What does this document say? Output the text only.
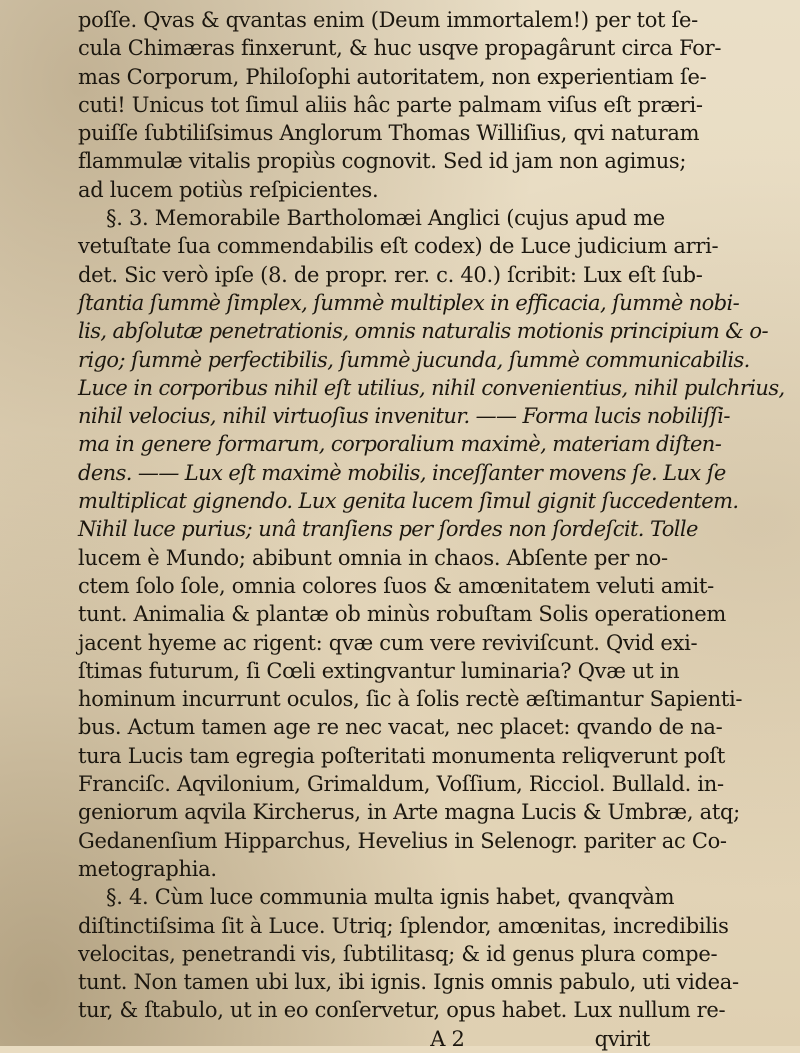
poſſe. Qvas & qvantas enim (Deum immortalem!) per tot ſe-
cula Chimæras finxerunt, & huc usqve propagârunt circa For-
mas Corporum, Philoſophi autoritatem, non experientiam ſe-
cuti! Unicus tot ſimul aliis hâc parte palmam viſus eſt præri-
puiſſe ſubtiliſsimus Anglorum Thomas Williſius, qvi naturam
flammulæ vitalis propiùs cognovit. Sed id jam non agimus;
ad lucem potiùs reſpicientes.
§. 3. Memorabile Bartholomæi Anglici (cujus apud me
vetuſtate ſua commendabilis eſt codex) de Luce judicium arri-
det. Sic verò ipſe (8. de propr. rer. c. 40.) ſcribit: Lux eſt ſub-
ſtantia ſummè ſimplex, ſummè multiplex in efficacia, ſummè nobi-
lis, abſolutæ penetrationis, omnis naturalis motionis principium & o-
rigo; ſummè perfectibilis, ſummè jucunda, ſummè communicabilis.
Luce in corporibus nihil eſt utilius, nihil convenientius, nihil pulchrius,
nihil velocius, nihil virtuoſius invenitur. —— Forma lucis nobiliſſi-
ma in genere formarum, corporalium maximè, materiam diſten-
dens. —— Lux eſt maximè mobilis, inceſſanter movens ſe. Lux ſe
multiplicat gignendo. Lux genita lucem ſimul gignit ſuccedentem.
Nihil luce purius; unâ tranſiens per ſordes non ſordeſcit. Tolle
lucem è Mundo; abibunt omnia in chaos. Abſente per no-
ctem ſolo ſole, omnia colores ſuos & amœnitatem veluti amit-
tunt. Animalia & plantæ ob minùs robuſtam Solis operationem
jacent hyeme ac rigent: qvæ cum vere reviviſcunt. Qvid exi-
ſtimas futurum, ſi Cœli extingvantur luminaria? Qvæ ut in
hominum incurrunt oculos, ſic à ſolis rectè æſtimantur Sapienti-
bus. Actum tamen age re nec vacat, nec placet: qvando de na-
tura Lucis tam egregia poſteritati monumenta reliqverunt poſt
Franciſc. Aqvilonium, Grimaldum, Voſſium, Ricciol. Bullald. in-
geniorum aqvila Kircherus, in Arte magna Lucis & Umbræ, atq;
Gedanenſium Hipparchus, Hevelius in Selenogr. pariter ac Co-
metographia.
§. 4. Cùm luce communia multa ignis habet, qvanqvàm
diſtinctiſsima ſit à Luce. Utriq; ſplendor, amœnitas, incredibilis
velocitas, penetrandi vis, ſubtilitasq; & id genus plura compe-
tunt. Non tamen ubi lux, ibi ignis. Ignis omnis pabulo, uti videa-
tur, & ſtabulo, ut in eo conſervetur, opus habet. Lux nullum re-
A 2	qvirit
